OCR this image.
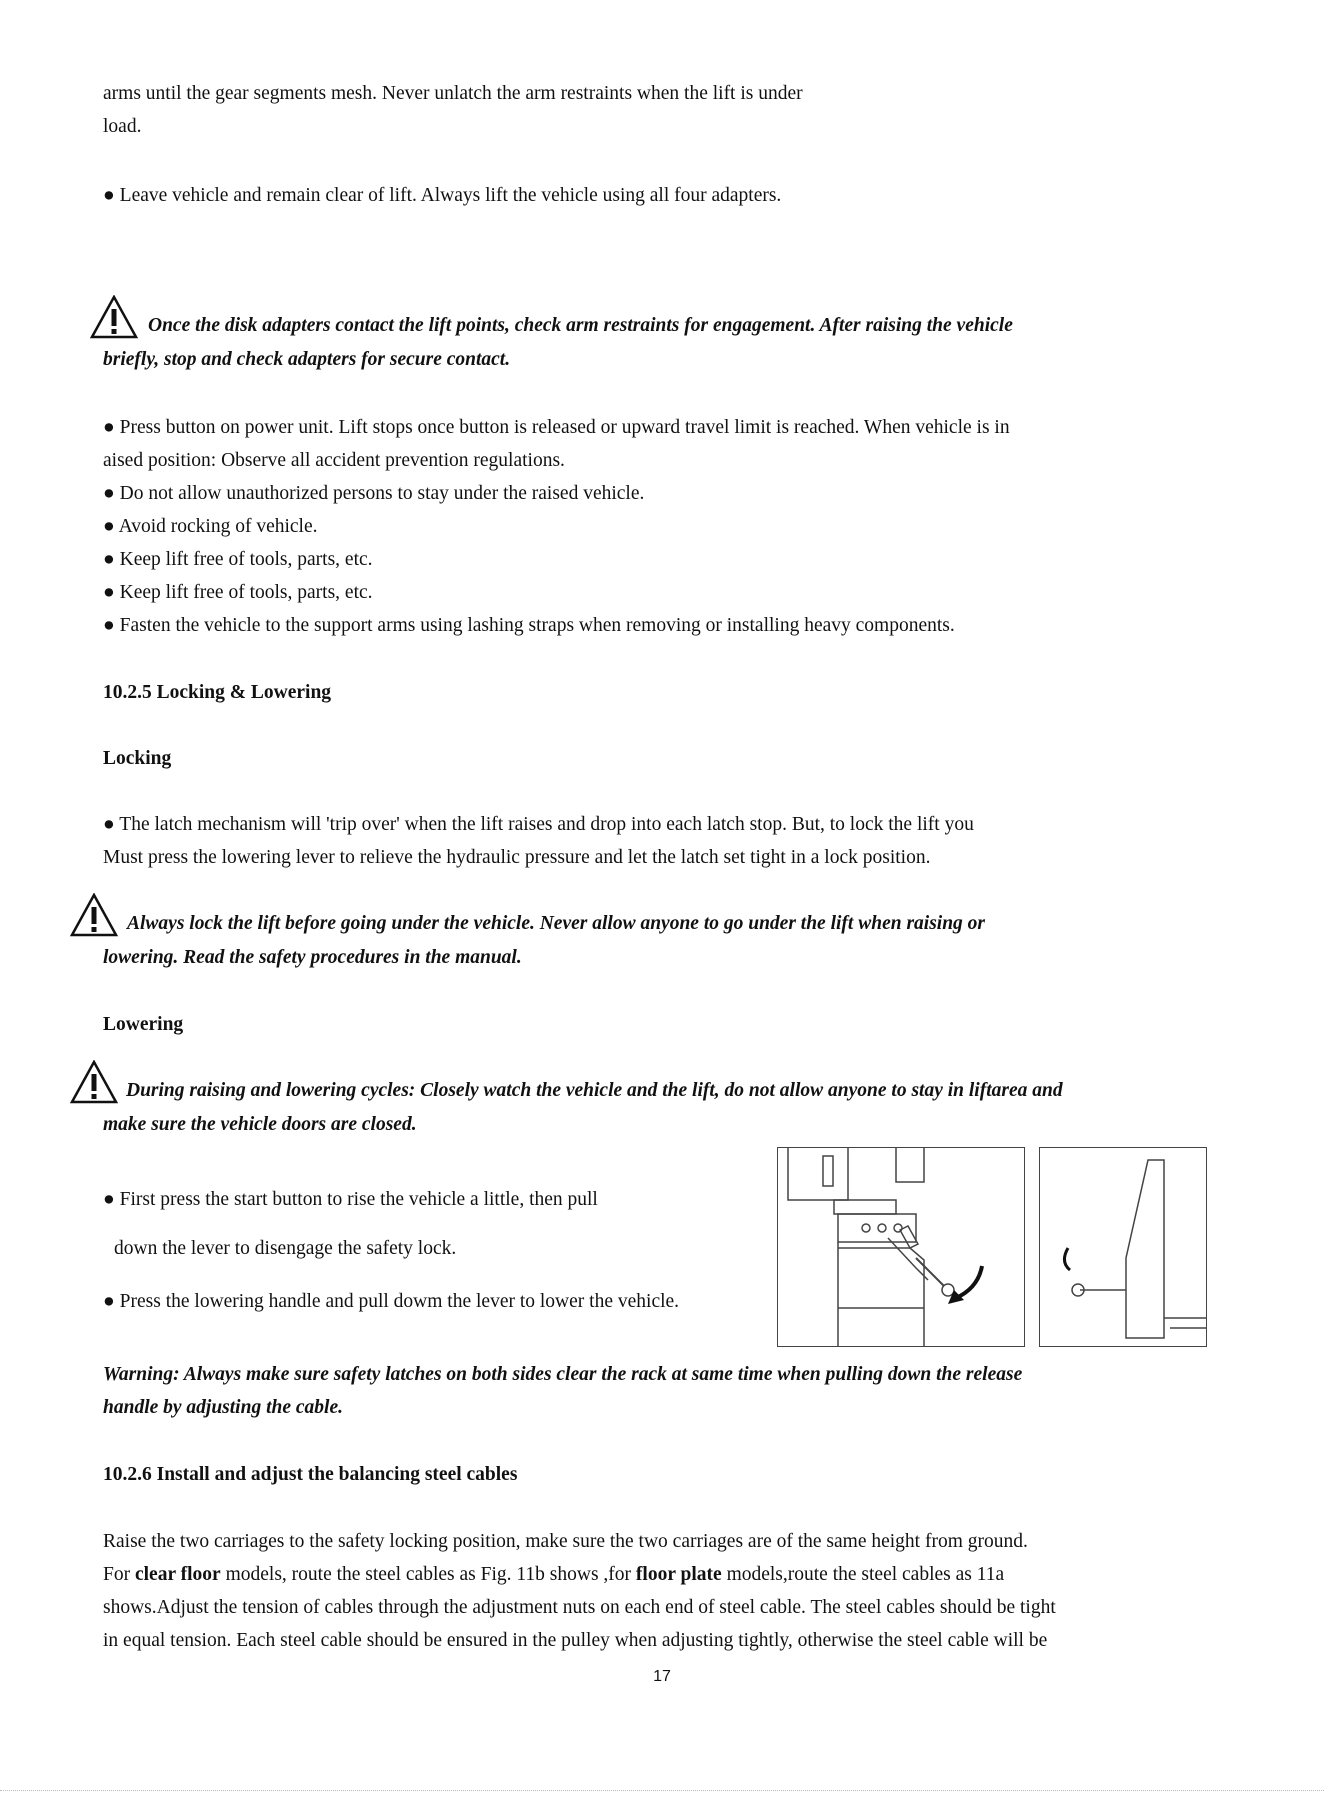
arms until the gear segments mesh. Never unlatch the arm restraints when the lift is under
load.
● Leave vehicle and remain clear of lift. Always lift the vehicle using all four adapters.
Once the disk adapters contact the lift points, check arm restraints for engagement. After raising the vehicle
briefly, stop and check adapters for secure contact.
● Press button on power unit. Lift stops once button is released or upward travel limit is reached. When vehicle is in
aised position: Observe all accident prevention regulations.
● Do not allow unauthorized persons to stay under the raised vehicle.
● Avoid rocking of vehicle.
● Keep lift free of tools, parts, etc.
● Keep lift free of tools, parts, etc.
● Fasten the vehicle to the support arms using lashing straps when removing or installing heavy components.
10.2.5 Locking & Lowering
Locking
● The latch mechanism will 'trip over' when the lift raises and drop into each latch stop. But, to lock the lift you
Must press the lowering lever to relieve the hydraulic pressure and let the latch set tight in a lock position.
Always lock the lift before going under the vehicle. Never allow anyone to go under the lift when raising or
lowering. Read the safety procedures in the manual.
Lowering
During raising and lowering cycles: Closely watch the vehicle and the lift, do not allow anyone to stay in liftarea and
make sure the vehicle doors are closed.
● First press the start button to rise the vehicle a little, then pull
down the lever to disengage the safety lock.
● Press the lowering handle and pull dowm the lever to lower the vehicle.
Warning: Always make sure safety latches on both sides clear the rack at same time when pulling down the release
handle by adjusting the cable.
10.2.6 Install and adjust the balancing steel cables
Raise the two carriages to the safety locking position, make sure the two carriages are of the same height from ground.
For clear floor models, route the steel cables as Fig. 11b shows ,for floor plate models,route the steel cables as 11a
shows.Adjust the tension of cables through the adjustment nuts on each end of steel cable. The steel cables should be tight
in equal tension. Each steel cable should be ensured in the pulley when adjusting tightly, otherwise the steel cable will be
17
